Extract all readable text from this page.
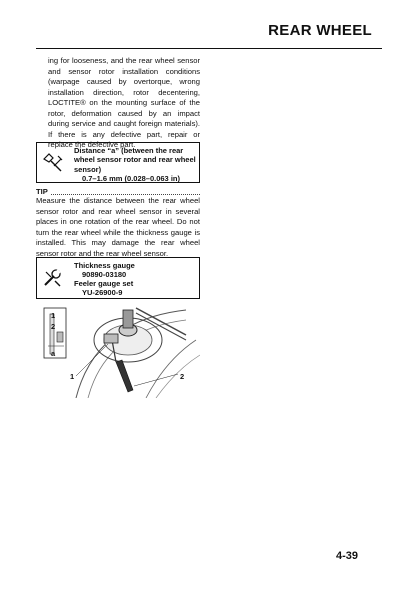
REAR WHEEL

ing for looseness, and the rear wheel sensor and sensor rotor installation conditions (warpage caused by overtorque, wrong installation direction, rotor decentering, LOCTITE® on the mounting surface of the rotor, deformation caused by an impact during service and caught foreign materials). If there is any defective part, repair or replace the defective part.

Distance “a” (between the rear wheel sensor rotor and rear wheel sensor)
0.7–1.6 mm (0.028–0.063 in)
TIP

Measure the distance between the rear wheel sensor rotor and rear wheel sensor in several places in one rotation of the rear wheel. Do not turn the rear wheel while the thickness gauge is installed. This may damage the rear wheel sensor rotor and the rear wheel sensor.

Thickness gauge
90890-03180
Feeler gauge set
YU-26900-9
1
2
a
1	2
4-39
